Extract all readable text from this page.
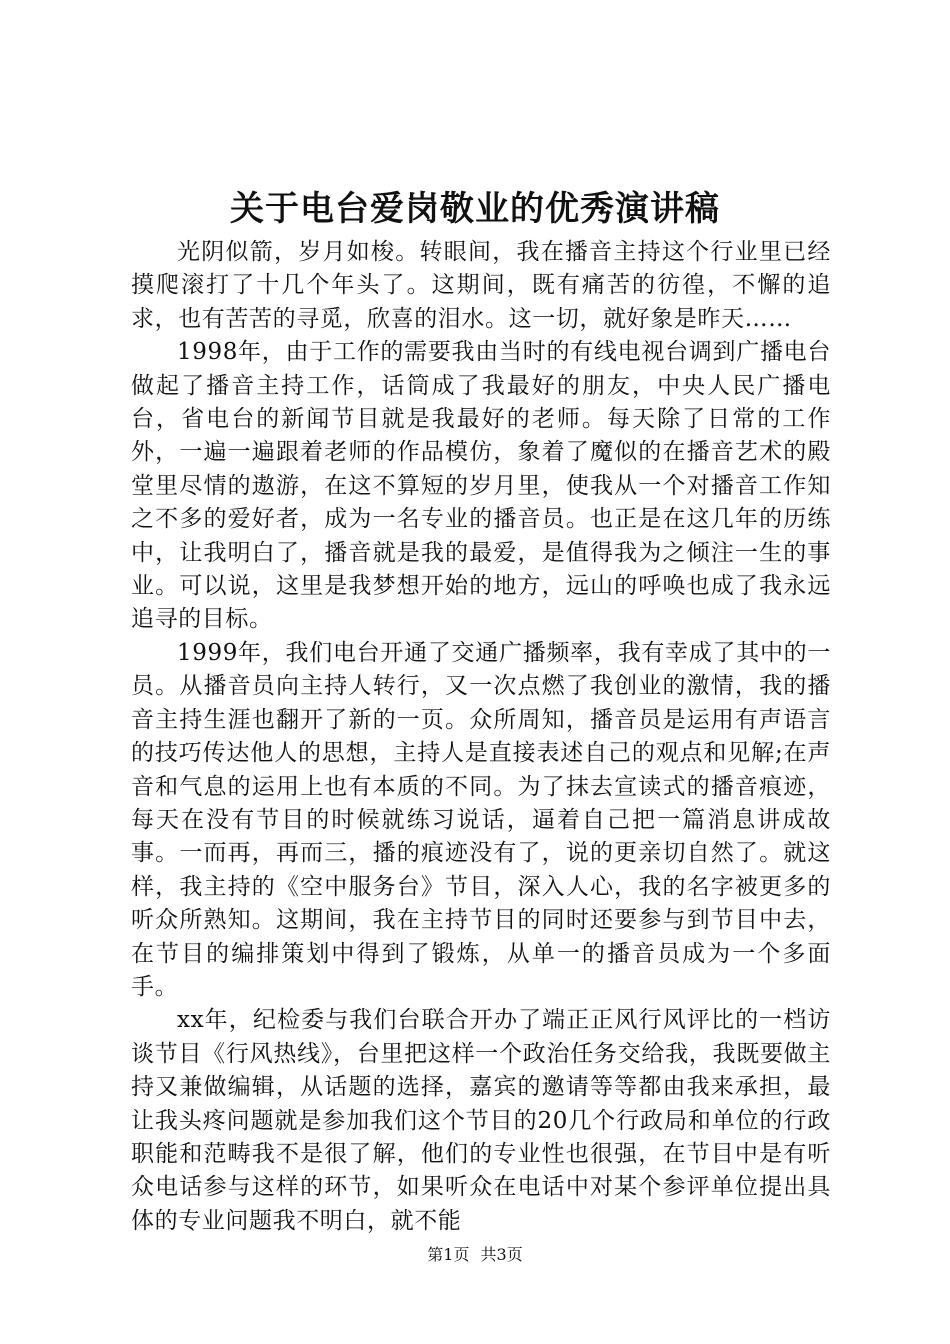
关于电台爱岗敬业的优秀演讲稿

光阴似箭，岁月如梭。转眼间，我在播音主持这个行业里已经摸爬滚打了十几个年头了。这期间，既有痛苦的彷徨，不懈的追求，也有苦苦的寻觅，欣喜的泪水。这一切，就好象是昨天……

1998年，由于工作的需要我由当时的有线电视台调到广播电台做起了播音主持工作，话筒成了我最好的朋友，中央人民广播电台，省电台的新闻节目就是我最好的老师。每天除了日常的工作外，一遍一遍跟着老师的作品模仿，象着了魔似的在播音艺术的殿堂里尽情的遨游，在这不算短的岁月里，使我从一个对播音工作知之不多的爱好者，成为一名专业的播音员。也正是在这几年的历练中，让我明白了，播音就是我的最爱，是值得我为之倾注一生的事业。可以说，这里是我梦想开始的地方，远山的呼唤也成了我永远追寻的目标。

1999年，我们电台开通了交通广播频率，我有幸成了其中的一员。从播音员向主持人转行，又一次点燃了我创业的激情，我的播音主持生涯也翻开了新的一页。众所周知，播音员是运用有声语言的技巧传达他人的思想，主持人是直接表述自己的观点和见解;在声音和气息的运用上也有本质的不同。为了抹去宣读式的播音痕迹，每天在没有节目的时候就练习说话，逼着自己把一篇消息讲成故事。一而再，再而三，播的痕迹没有了，说的更亲切自然了。就这样，我主持的《空中服务台》节目，深入人心，我的名字被更多的听众所熟知。这期间，我在主持节目的同时还要参与到节目中去，在节目的编排策划中得到了锻炼，从单一的播音员成为一个多面手。

xx年，纪检委与我们台联合开办了端正正风行风评比的一档访谈节目《行风热线》，台里把这样一个政治任务交给我，我既要做主持又兼做编辑，从话题的选择，嘉宾的邀请等等都由我来承担，最让我头疼问题就是参加我们这个节目的20几个行政局和单位的行政职能和范畴我不是很了解，他们的专业性也很强，在节目中是有听众电话参与这样的环节，如果听众在电话中对某个参评单位提出具体的专业问题我不明白，就不能

第1页 共3页
